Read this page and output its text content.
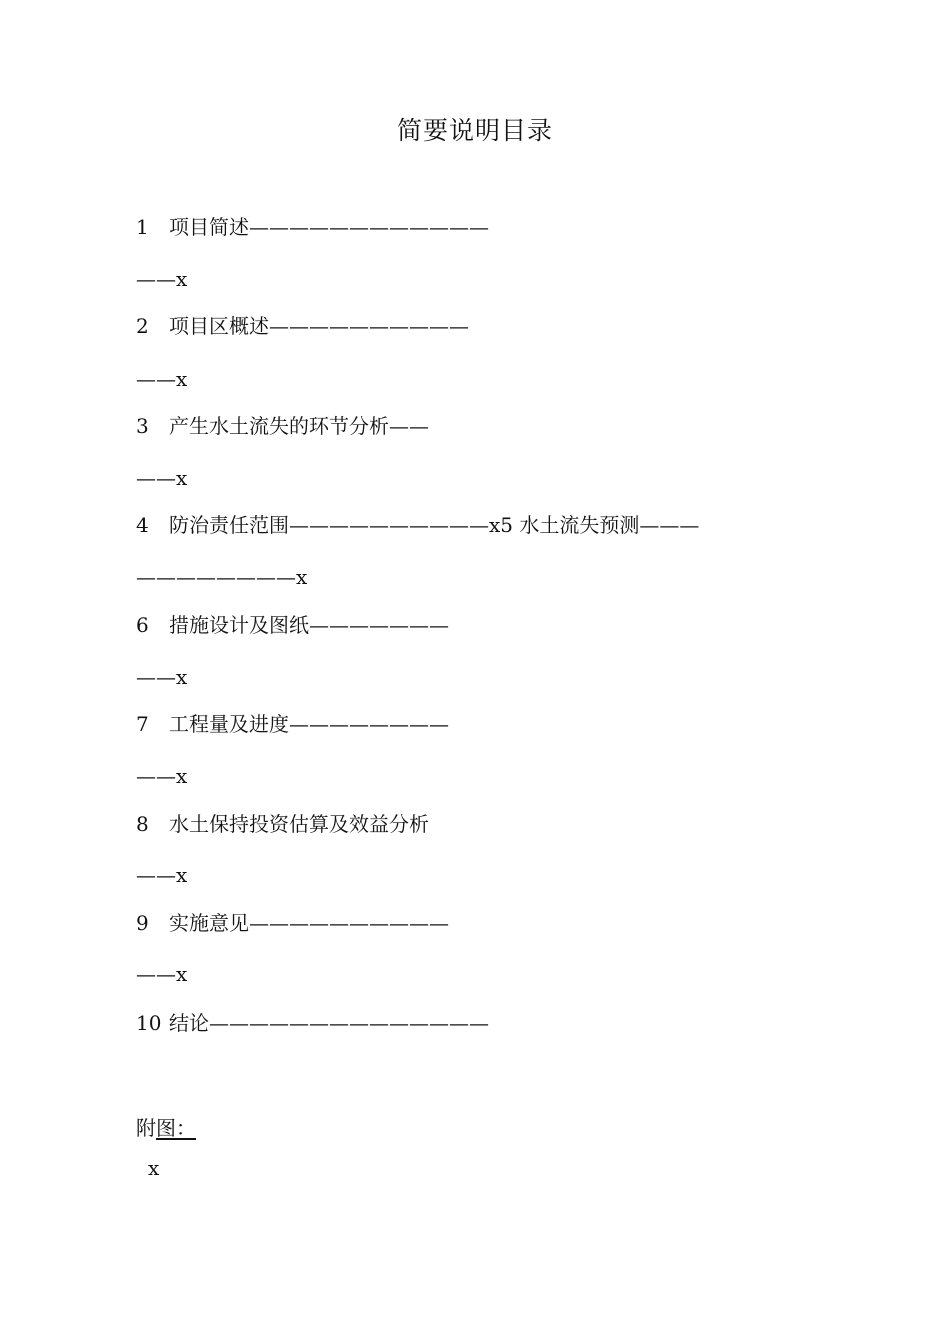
简要说明目录
1 项目简述————————————
——x
2 项目区概述——————————
——x
3 产生水土流失的环节分析——
——x
4 防治责任范围——————————x5 水土流失预测———
————————x
6 措施设计及图纸———————
——x
7 工程量及进度————————
——x
8 水土保持投资估算及效益分析
——x
9 实施意见——————————
——x
10 结论——————————————
附图：
x
